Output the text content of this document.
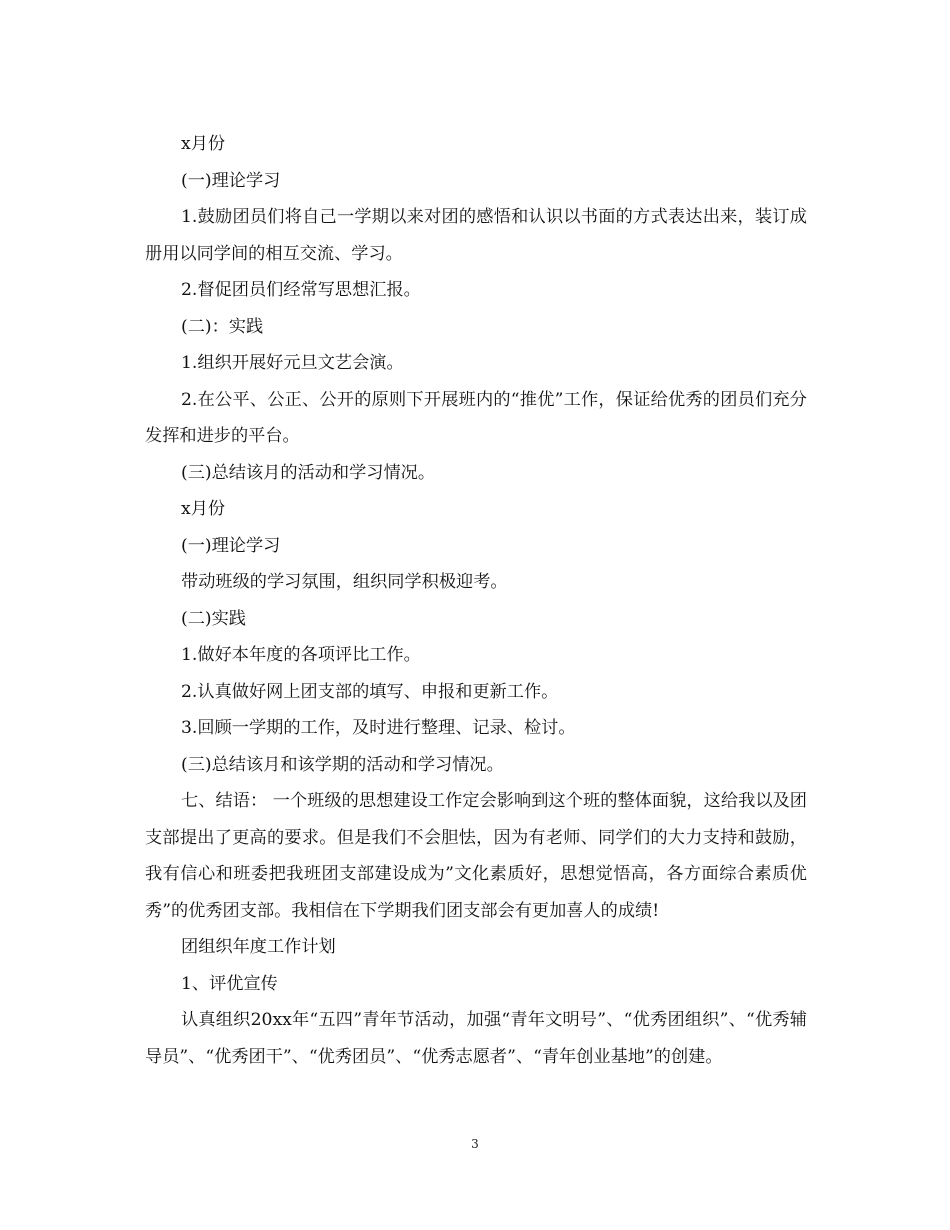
x月份

(一)理论学习

1.鼓励团员们将自己一学期以来对团的感悟和认识以书面的方式表达出来，装订成册用以同学间的相互交流、学习。

2.督促团员们经常写思想汇报。

(二)：实践

1.组织开展好元旦文艺会演。

2.在公平、公正、公开的原则下开展班内的“推优”工作，保证给优秀的团员们充分发挥和进步的平台。

(三)总结该月的活动和学习情况。

x月份

(一)理论学习

带动班级的学习氛围，组织同学积极迎考。

(二)实践

1.做好本年度的各项评比工作。

2.认真做好网上团支部的填写、申报和更新工作。

3.回顾一学期的工作，及时进行整理、记录、检讨。

(三)总结该月和该学期的活动和学习情况。

七、结语： 一个班级的思想建设工作定会影响到这个班的整体面貌，这给我以及团支部提出了更高的要求。但是我们不会胆怯，因为有老师、同学们的大力支持和鼓励，我有信心和班委把我班团支部建设成为”文化素质好，思想觉悟高，各方面综合素质优秀”的优秀团支部。我相信在下学期我们团支部会有更加喜人的成绩!

团组织年度工作计划

1、评优宣传

认真组织20xx年“五四”青年节活动，加强“青年文明号”、“优秀团组织”、“优秀辅导员”、“优秀团干”、“优秀团员”、“优秀志愿者”、“青年创业基地”的创建。

3
